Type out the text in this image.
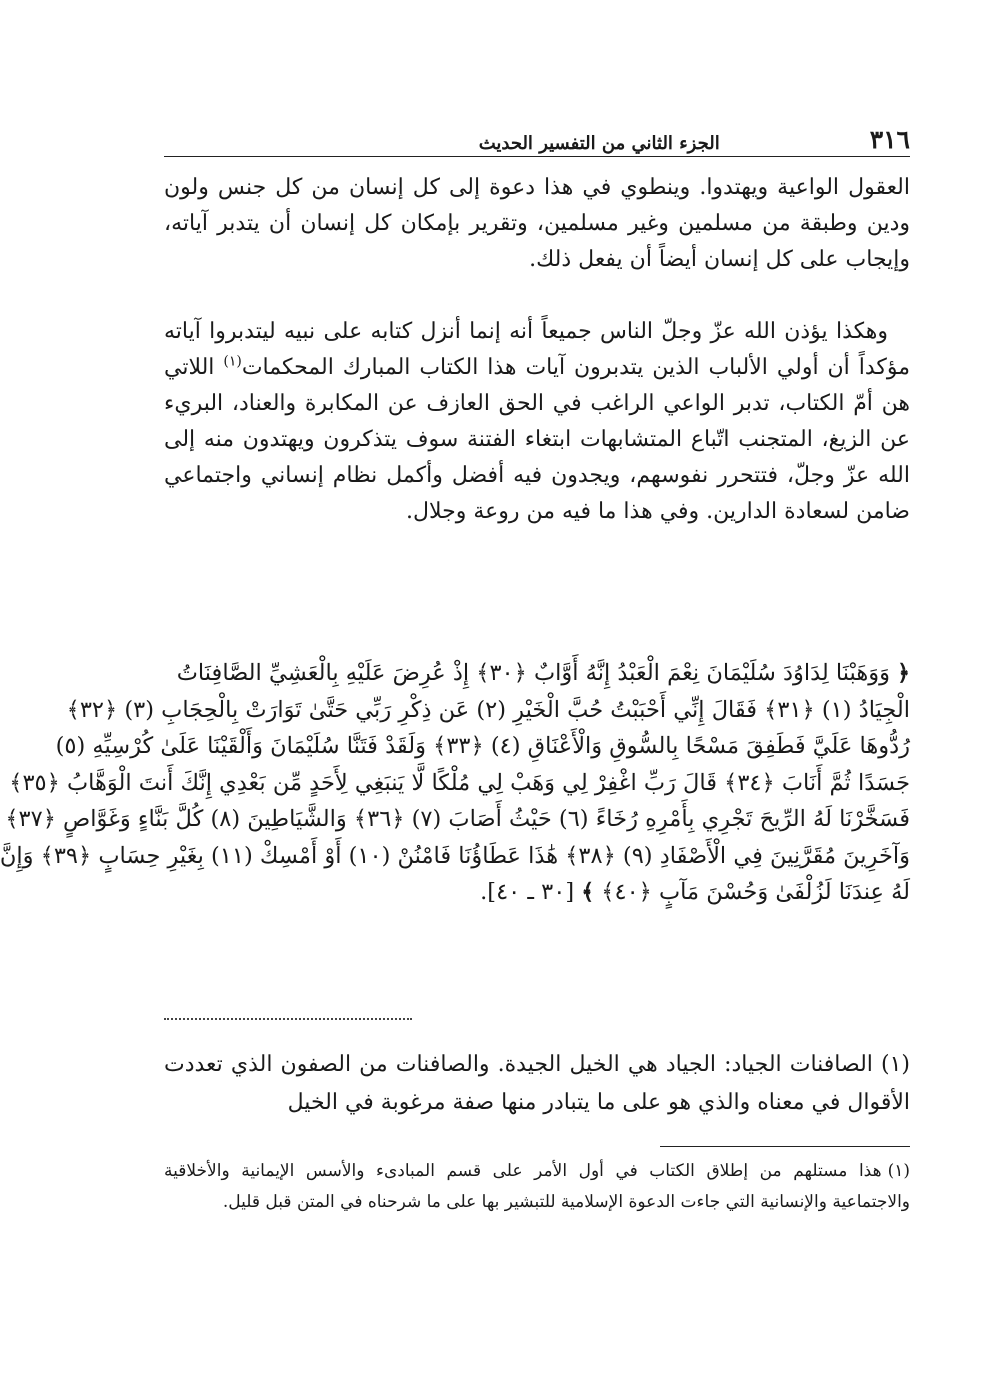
٣١٦
الجزء الثاني من التفسير الحديث

العقول الواعية ويهتدوا. وينطوي في هذا دعوة إلى كل إنسان من كل جنس ولون ودين وطبقة من مسلمين وغير مسلمين، وتقرير بإمكان كل إنسان أن يتدبر آياته، وإيجاب على كل إنسان أيضاً أن يفعل ذلك.

وهكذا يؤذن الله عزّ وجلّ الناس جميعاً أنه إنما أنزل كتابه على نبيه ليتدبروا آياته مؤكداً أن أولي الألباب الذين يتدبرون آيات هذا الكتاب المبارك المحكمات$^{(١)}$ اللاتي هن أمّ الكتاب، تدبر الواعي الراغب في الحق العازف عن المكابرة والعناد، البريء عن الزيغ، المتجنب اتّباع المتشابهات ابتغاء الفتنة سوف يتذكرون ويهتدون منه إلى الله عزّ وجلّ، فتتحرر نفوسهم، ويجدون فيه أفضل وأكمل نظام إنساني واجتماعي ضامن لسعادة الدارين. وفي هذا ما فيه من روعة وجلال.

﴿ وَوَهَبْنَا لِدَاوُدَ سُلَيْمَانَ نِعْمَ الْعَبْدُ إِنَّهُ أَوَّابٌ ﴿٣٠﴾ إِذْ عُرِضَ عَلَيْهِ بِالْعَشِيِّ الصَّافِنَاتُ
الْجِيَادُ (١) ﴿٣١﴾ فَقَالَ إِنِّي أَحْبَبْتُ حُبَّ الْخَيْرِ (٢) عَن ذِكْرِ رَبِّي حَتَّىٰ تَوَارَتْ بِالْحِجَابِ (٣) ﴿٣٢﴾
رُدُّوهَا عَلَيَّ فَطَفِقَ مَسْحًا بِالسُّوقِ وَالْأَعْنَاقِ (٤) ﴿٣٣﴾ وَلَقَدْ فَتَنَّا سُلَيْمَانَ وَأَلْقَيْنَا عَلَىٰ كُرْسِيِّهِ (٥)
جَسَدًا ثُمَّ أَنَابَ ﴿٣٤﴾ قَالَ رَبِّ اغْفِرْ لِي وَهَبْ لِي مُلْكًا لَّا يَنبَغِي لِأَحَدٍ مِّن بَعْدِي إِنَّكَ أَنتَ الْوَهَّابُ ﴿٣٥﴾
فَسَخَّرْنَا لَهُ الرِّيحَ تَجْرِي بِأَمْرِهِ رُخَاءً (٦) حَيْثُ أَصَابَ (٧) ﴿٣٦﴾ وَالشَّيَاطِينَ (٨) كُلَّ بَنَّاءٍ وَغَوَّاصٍ ﴿٣٧﴾
وَآخَرِينَ مُقَرَّنِينَ فِي الْأَصْفَادِ (٩) ﴿٣٨﴾ هَٰذَا عَطَاؤُنَا فَامْنُنْ (١٠) أَوْ أَمْسِكْ (١١) بِغَيْرِ حِسَابٍ ﴿٣٩﴾ وَإِنَّ
لَهُ عِندَنَا لَزُلْفَىٰ وَحُسْنَ مَآبٍ ﴿٤٠﴾ ﴾ [٣٠ ـ ٤٠].

(١) الصافنات الجياد: الجياد هي الخيل الجيدة. والصافنات من الصفون الذي تعددت الأقوال في معناه والذي هو على ما يتبادر منها صفة مرغوبة في الخيل

(١)هذا مستلهم من إطلاق الكتاب في أول الأمر على قسم المبادىء والأسس الإيمانية والأخلاقية والاجتماعية والإنسانية التي جاءت الدعوة الإسلامية للتبشير بها على ما شرحناه في المتن قبل قليل.
